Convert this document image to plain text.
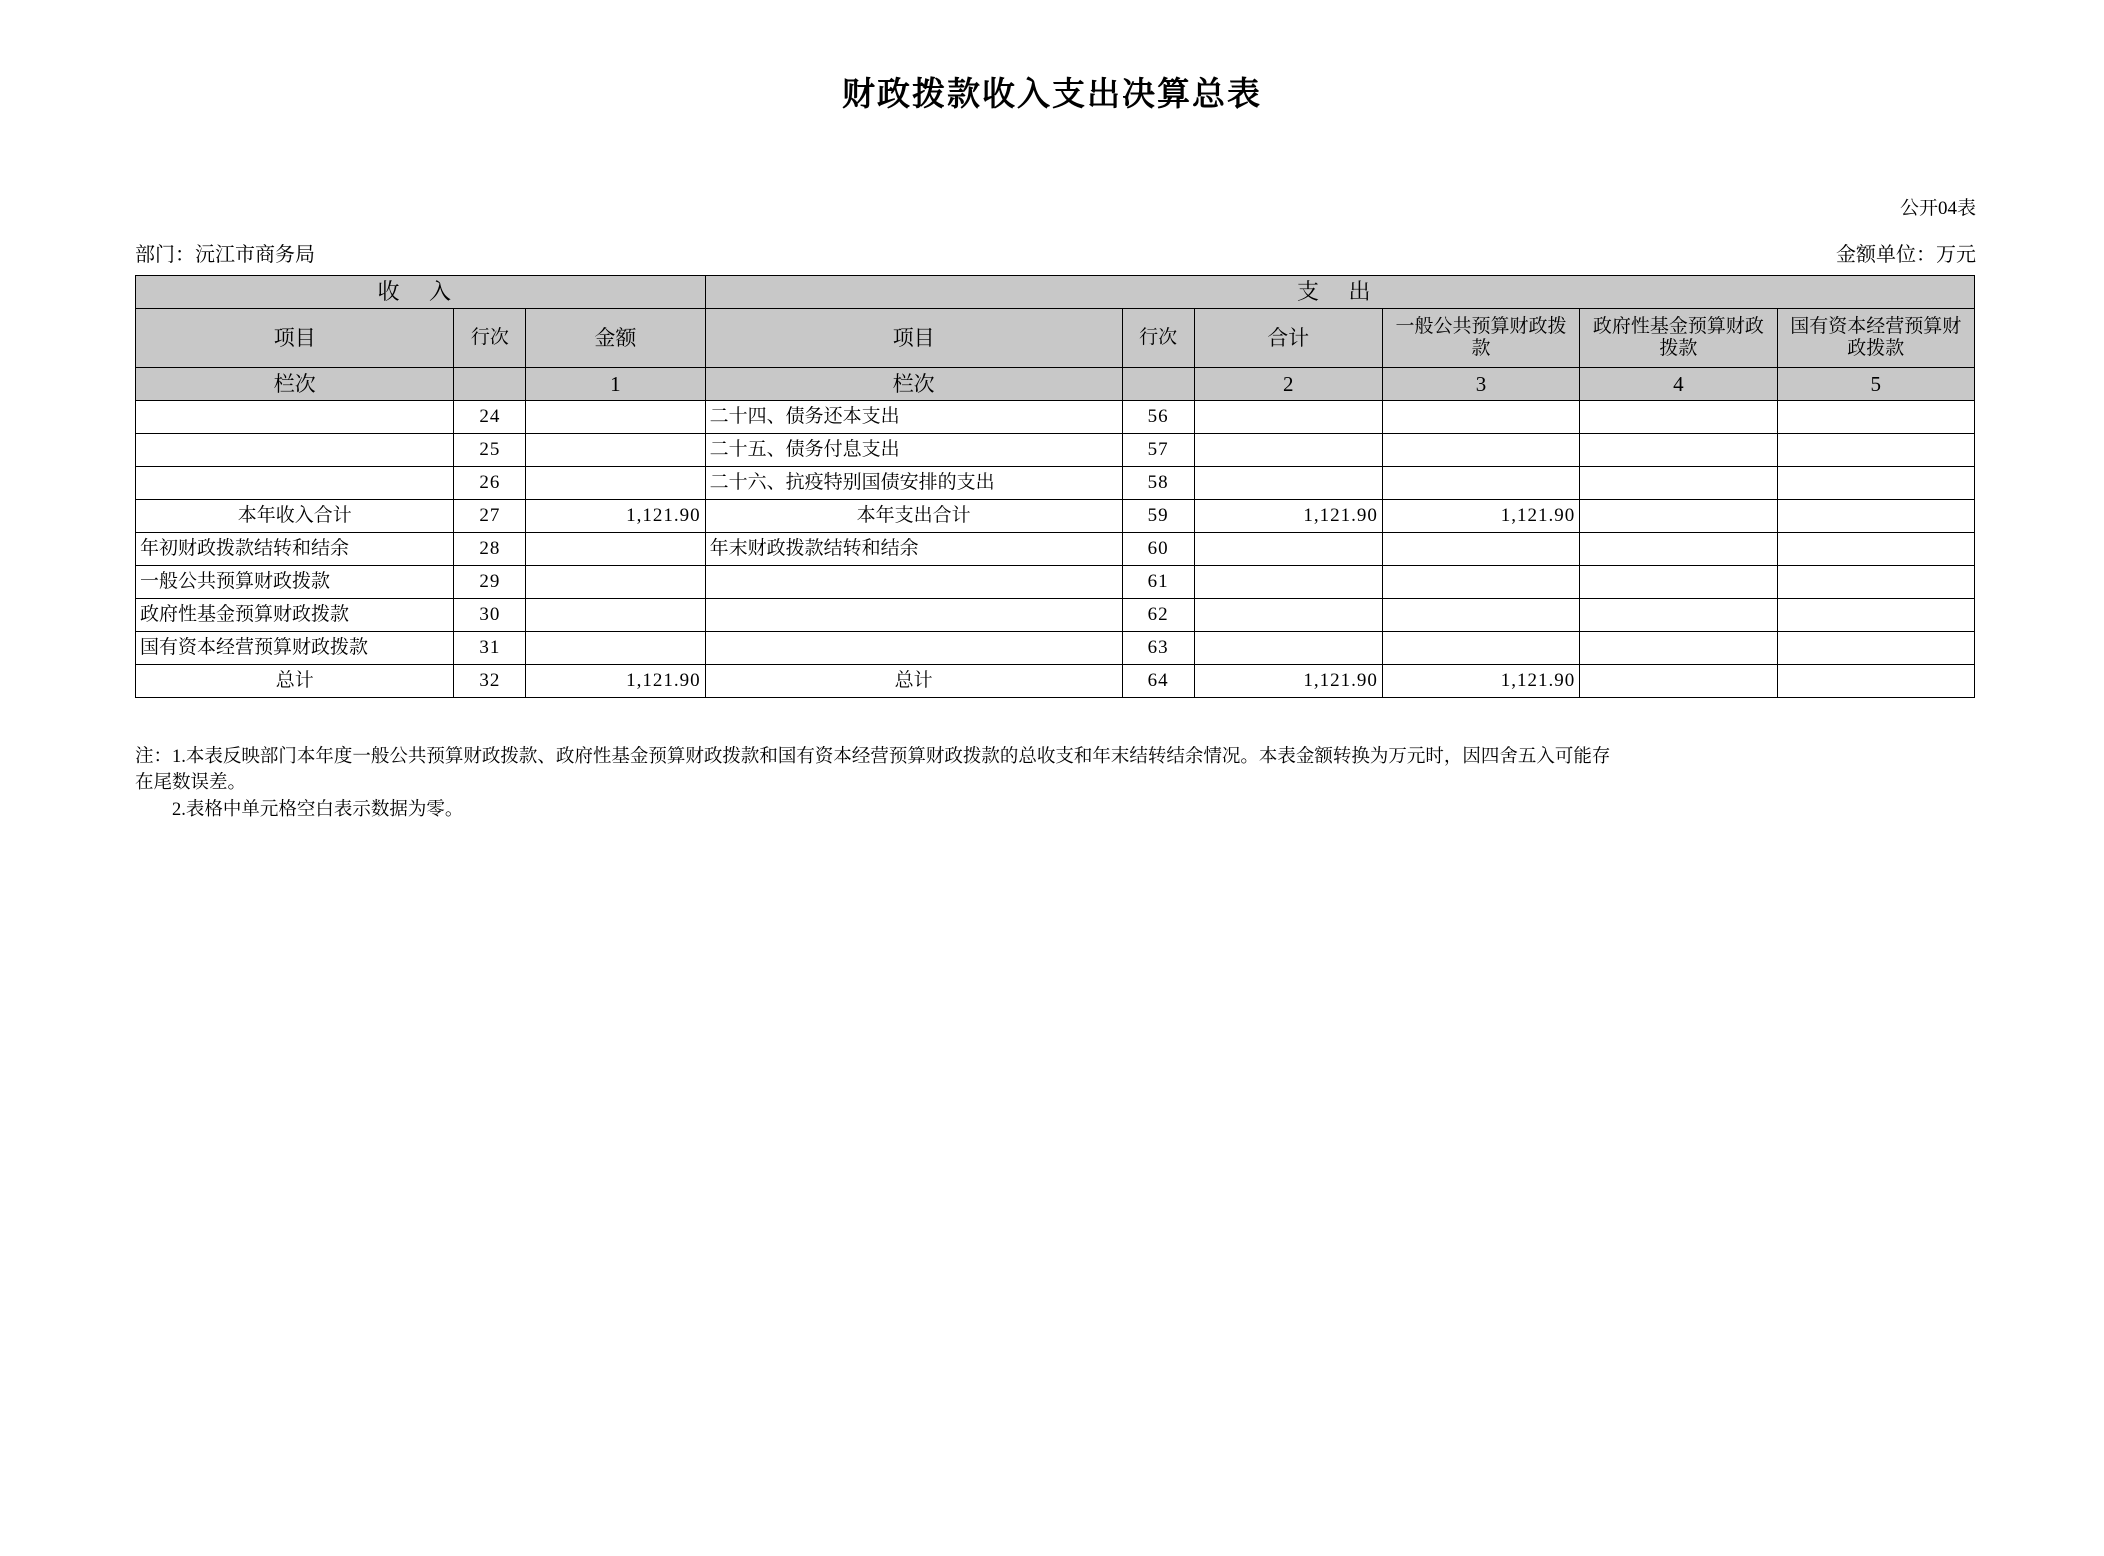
财政拨款收入支出决算总表
公开04表
部门：沅江市商务局	金额单位：万元
收 入			支 出					
项目	行次	金额	项目	行次	合计	一般公共预算财政拨款	政府性基金预算财政拨款	国有资本经营预算财政拨款
栏次		1	栏次		2	3	4	5
	24		二十四、债务还本支出	56				
	25		二十五、债务付息支出	57				
	26		二十六、抗疫特别国债安排的支出	58				
本年收入合计	27	1,121.90	本年支出合计	59	1,121.90	1,121.90		
年初财政拨款结转和结余	28		年末财政拨款结转和结余	60				
一般公共预算财政拨款	29			61				
政府性基金预算财政拨款	30			62				
国有资本经营预算财政拨款	31			63				
总计	32	1,121.90	总计	64	1,121.90	1,121.90		

注：1.本表反映部门本年度一般公共预算财政拨款、政府性基金预算财政拨款和国有资本经营预算财政拨款的总收支和年末结转结余情况。本表金额转换为万元时，因四舍五入可能存

在尾数误差。

2.表格中单元格空白表示数据为零。
